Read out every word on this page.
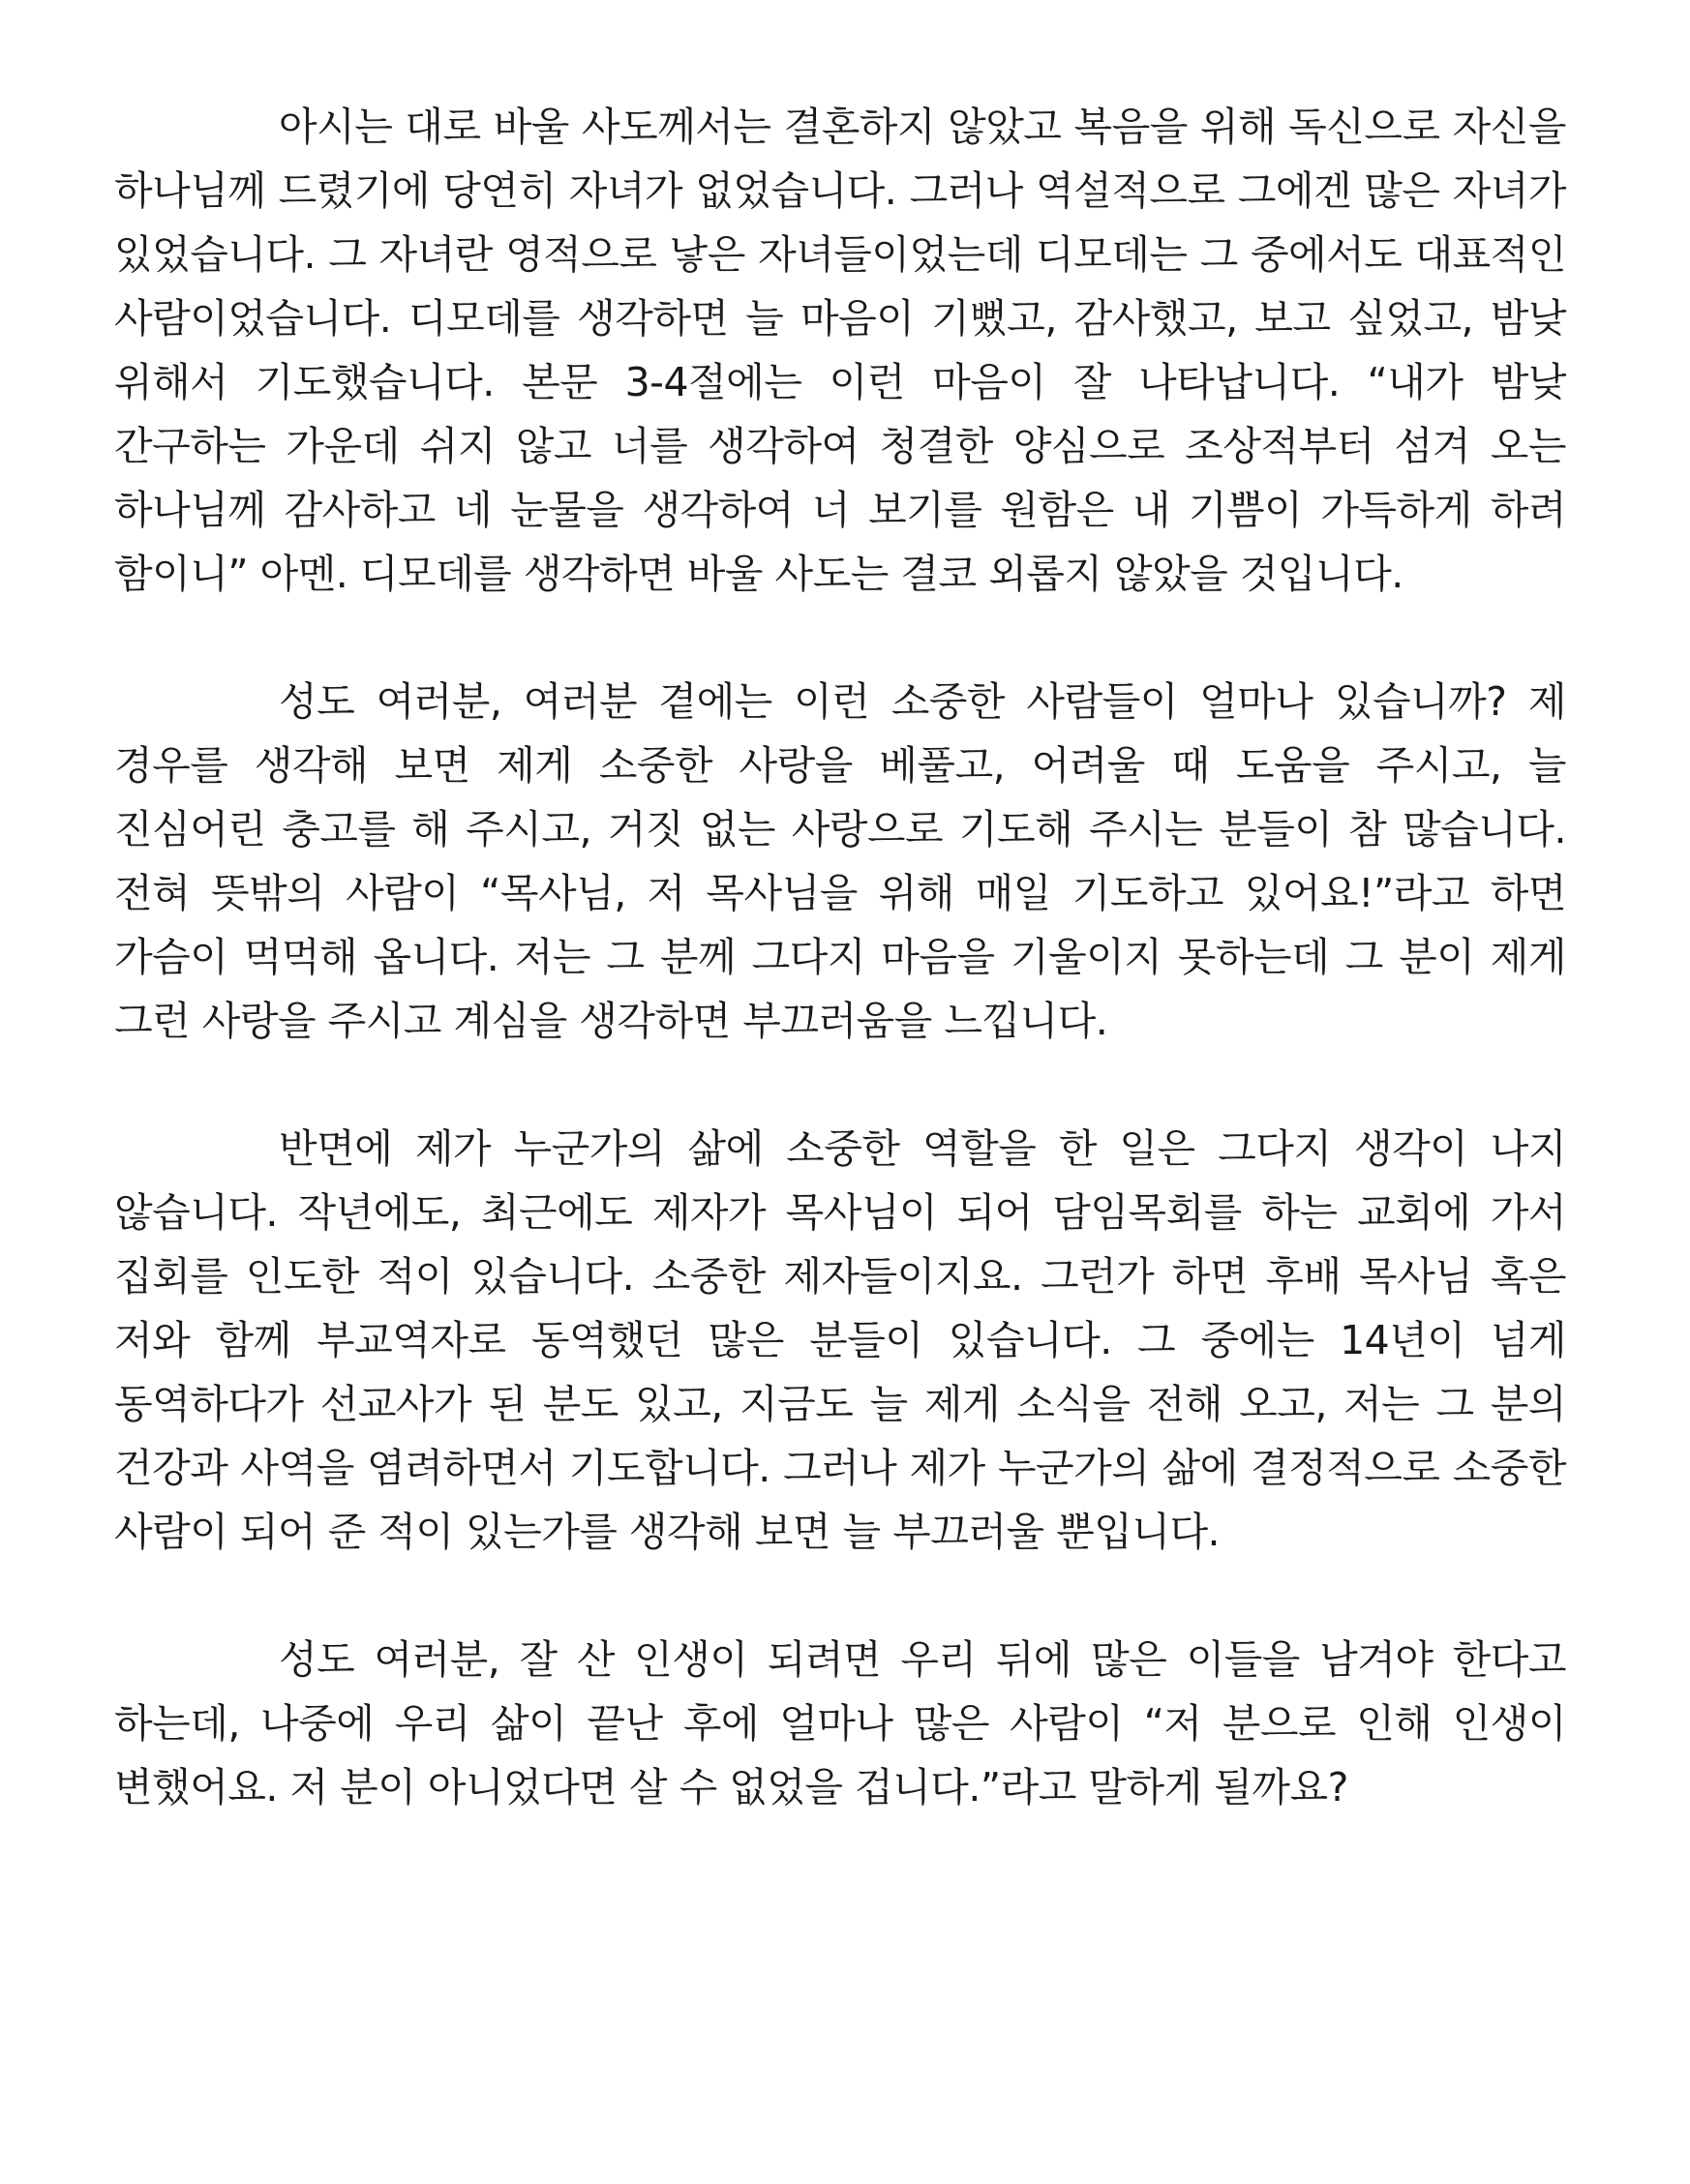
아시는 대로 바울 사도께서는 결혼하지 않았고 복음을 위해 독신으로 자신을 하나님께 드렸기에 당연히 자녀가 없었습니다. 그러나 역설적으로 그에겐 많은 자녀가 있었습니다. 그 자녀란 영적으로 낳은 자녀들이었는데 디모데는 그 중에서도 대표적인 사람이었습니다. 디모데를 생각하면 늘 마음이 기뻤고, 감사했고, 보고 싶었고, 밤낮 위해서 기도했습니다. 본문 3-4절에는 이런 마음이 잘 나타납니다. “내가 밤낮 간구하는 가운데 쉬지 않고 너를 생각하여 청결한 양심으로 조상적부터 섬겨 오는 하나님께 감사하고 네 눈물을 생각하여 너 보기를 원함은 내 기쁨이 가득하게 하려 함이니” 아멘. 디모데를 생각하면 바울 사도는 결코 외롭지 않았을 것입니다.

성도 여러분, 여러분 곁에는 이런 소중한 사람들이 얼마나 있습니까? 제 경우를 생각해 보면 제게 소중한 사랑을 베풀고, 어려울 때 도움을 주시고, 늘 진심어린 충고를 해 주시고, 거짓 없는 사랑으로 기도해 주시는 분들이 참 많습니다. 전혀 뜻밖의 사람이 “목사님, 저 목사님을 위해 매일 기도하고 있어요!”라고 하면 가슴이 먹먹해 옵니다. 저는 그 분께 그다지 마음을 기울이지 못하는데 그 분이 제게 그런 사랑을 주시고 계심을 생각하면 부끄러움을 느낍니다.

반면에 제가 누군가의 삶에 소중한 역할을 한 일은 그다지 생각이 나지 않습니다. 작년에도, 최근에도 제자가 목사님이 되어 담임목회를 하는 교회에 가서 집회를 인도한 적이 있습니다. 소중한 제자들이지요. 그런가 하면 후배 목사님 혹은 저와 함께 부교역자로 동역했던 많은 분들이 있습니다. 그 중에는 14년이 넘게 동역하다가 선교사가 된 분도 있고, 지금도 늘 제게 소식을 전해 오고, 저는 그 분의 건강과 사역을 염려하면서 기도합니다. 그러나 제가 누군가의 삶에 결정적으로 소중한 사람이 되어 준 적이 있는가를 생각해 보면 늘 부끄러울 뿐입니다.

성도 여러분, 잘 산 인생이 되려면 우리 뒤에 많은 이들을 남겨야 한다고 하는데, 나중에 우리 삶이 끝난 후에 얼마나 많은 사람이 “저 분으로 인해 인생이 변했어요. 저 분이 아니었다면 살 수 없었을 겁니다.”라고 말하게 될까요?
